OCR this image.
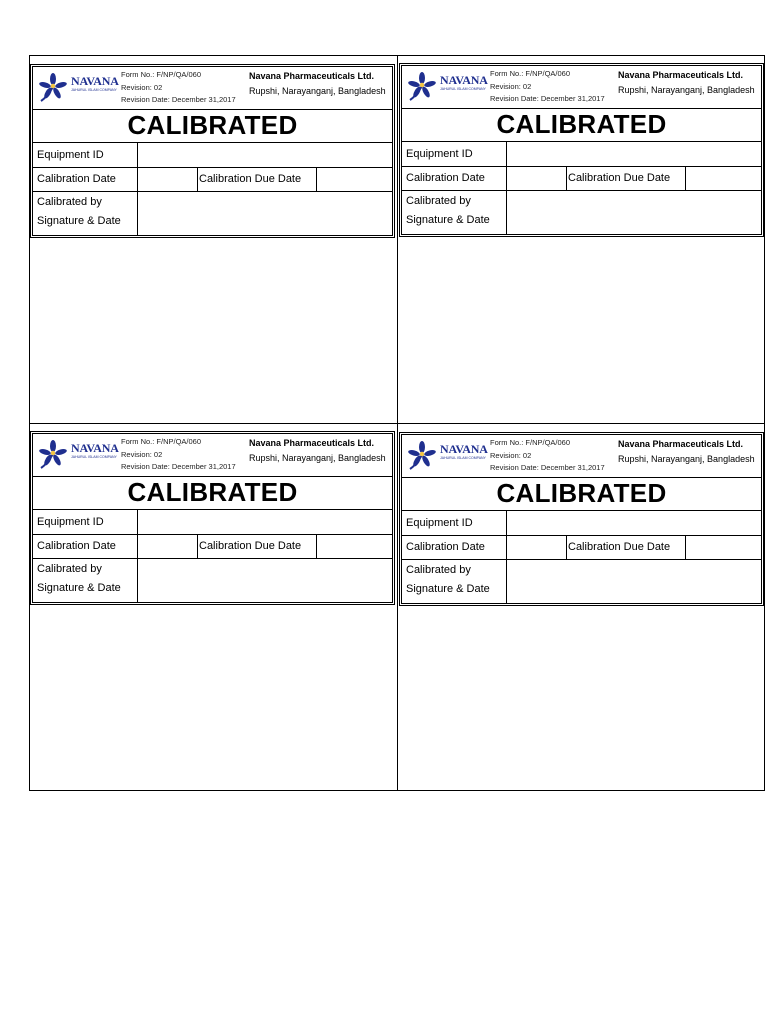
NAVANA
JAHURUL ISLAM COMPANY
Form No.: F/NP/QA/060
Revision: 02
Revision Date: December 31,2017
Navana Pharmaceuticals Ltd.
Rupshi, Narayanganj, Bangladesh
CALIBRATED
Equipment ID
Calibration Date	Calibration Due Date
Calibrated by
Signature & Date
NAVANA
JAHURUL ISLAM COMPANY
Form No.: F/NP/QA/060
Revision: 02
Revision Date: December 31,2017
Navana Pharmaceuticals Ltd.
Rupshi, Narayanganj, Bangladesh
CALIBRATED
Equipment ID
Calibration Date	Calibration Due Date
Calibrated by
Signature & Date
NAVANA
JAHURUL ISLAM COMPANY
Form No.: F/NP/QA/060
Revision: 02
Revision Date: December 31,2017
Navana Pharmaceuticals Ltd.
Rupshi, Narayanganj, Bangladesh
CALIBRATED
Equipment ID
Calibration Date	Calibration Due Date
Calibrated by
Signature & Date
NAVANA
JAHURUL ISLAM COMPANY
Form No.: F/NP/QA/060
Revision: 02
Revision Date: December 31,2017
Navana Pharmaceuticals Ltd.
Rupshi, Narayanganj, Bangladesh
CALIBRATED
Equipment ID
Calibration Date	Calibration Due Date
Calibrated by
Signature & Date
